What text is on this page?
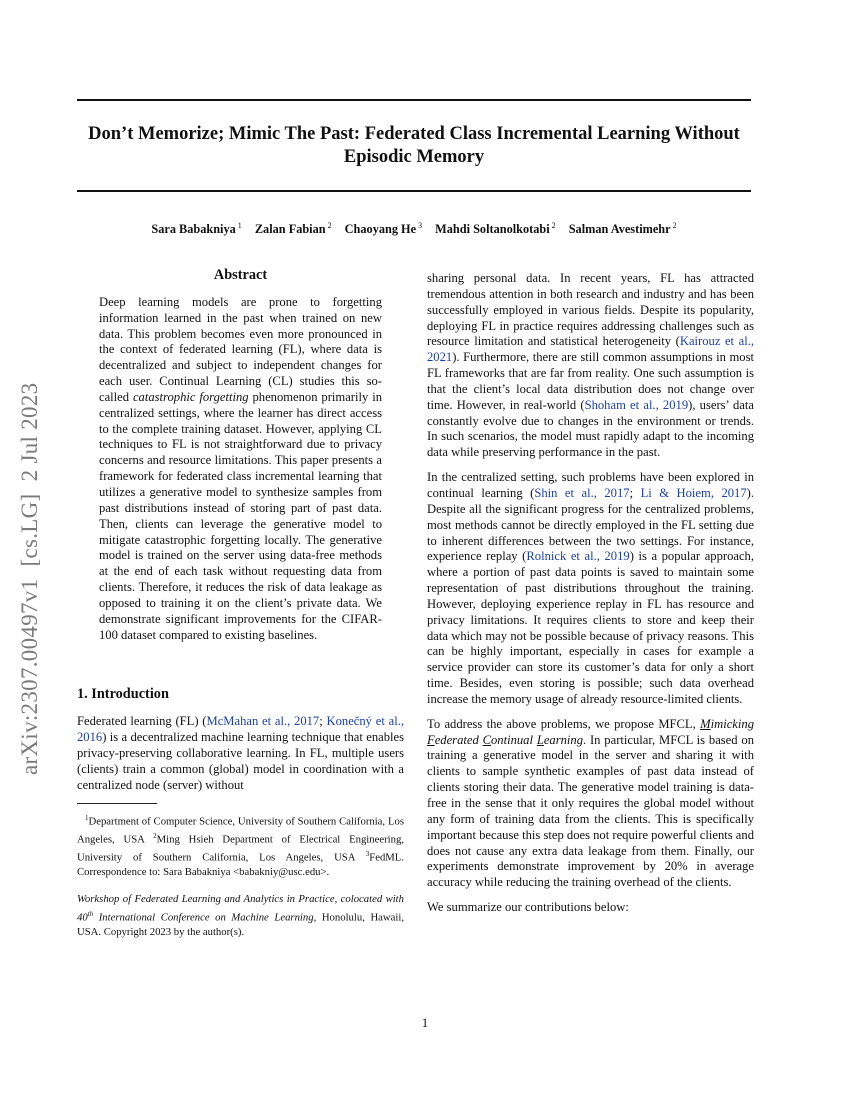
Don’t Memorize; Mimic The Past: Federated Class Incremental Learning Without Episodic Memory
Sara Babakniya $^1$ Zalan Fabian $^2$ Chaoyang He $^3$ Mahdi Soltanolkotabi $^2$ Salman Avestimehr $^2$
arXiv:2307.00497v1  [cs.LG]  2 Jul 2023
Abstract

Deep learning models are prone to forgetting information learned in the past when trained on new data. This problem becomes even more pronounced in the context of federated learning (FL), where data is decentralized and subject to independent changes for each user. Continual Learning (CL) studies this so-called catastrophic forgetting phenomenon primarily in centralized settings, where the learner has direct access to the complete training dataset. However, applying CL techniques to FL is not straightforward due to privacy concerns and resource limitations. This paper presents a framework for federated class incremental learning that utilizes a generative model to synthesize samples from past distributions instead of storing part of past data. Then, clients can leverage the generative model to mitigate catastrophic forgetting locally. The generative model is trained on the server using data-free methods at the end of each task without requesting data from clients. Therefore, it reduces the risk of data leakage as opposed to training it on the client’s private data. We demonstrate significant improvements for the CIFAR-100 dataset compared to existing baselines.

1. Introduction

Federated learning (FL) (McMahan et al., 2017; Konečný et al., 2016) is a decentralized machine learning technique that enables privacy-preserving collaborative learning. In FL, multiple users (clients) train a common (global) model in coordination with a centralized node (server) without

$^1$Department of Computer Science, University of Southern California, Los Angeles, USA $^2$Ming Hsieh Department of Electrical Engineering, University of Southern California, Los Angeles, USA $^3$FedML. Correspondence to: Sara Babakniya <babakniy@usc.edu>.

Workshop of Federated Learning and Analytics in Practice, colocated with 40th International Conference on Machine Learning, Honolulu, Hawaii, USA. Copyright 2023 by the author(s).

sharing personal data. In recent years, FL has attracted tremendous attention in both research and industry and has been successfully employed in various fields. Despite its popularity, deploying FL in practice requires addressing challenges such as resource limitation and statistical heterogeneity (Kairouz et al., 2021). Furthermore, there are still common assumptions in most FL frameworks that are far from reality. One such assumption is that the client’s local data distribution does not change over time. However, in real-world (Shoham et al., 2019), users’ data constantly evolve due to changes in the environment or trends. In such scenarios, the model must rapidly adapt to the incoming data while preserving performance in the past.

In the centralized setting, such problems have been explored in continual learning (Shin et al., 2017; Li & Hoiem, 2017). Despite all the significant progress for the centralized problems, most methods cannot be directly employed in the FL setting due to inherent differences between the two settings. For instance, experience replay (Rolnick et al., 2019) is a popular approach, where a portion of past data points is saved to maintain some representation of past distributions throughout the training. However, deploying experience replay in FL has resource and privacy limitations. It requires clients to store and keep their data which may not be possible because of privacy reasons. This can be highly important, especially in cases for example a service provider can store its customer’s data for only a short time. Besides, even storing is possible; such data overhead increase the memory usage of already resource-limited clients.

To address the above problems, we propose MFCL, Mimicking Federated Continual Learning. In particular, MFCL is based on training a generative model in the server and sharing it with clients to sample synthetic examples of past data instead of clients storing their data. The generative model training is data-free in the sense that it only requires the global model without any form of training data from the clients. This is specifically important because this step does not require powerful clients and does not cause any extra data leakage from them. Finally, our experiments demonstrate improvement by 20% in average accuracy while reducing the training overhead of the clients.

We summarize our contributions below:

1
